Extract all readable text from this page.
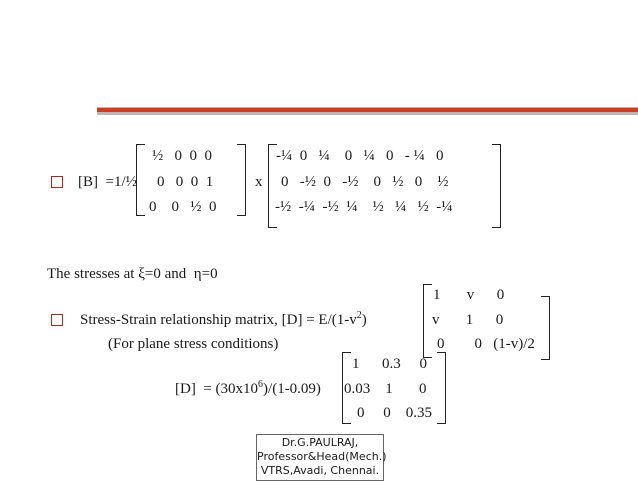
[B]  =1/½
½   0  0  0
0   0  0  1
0    0   ½  0
x
-¼  0   ¼    0   ¼   0   - ¼   0
0   -½  0   -½    0   ½   0    ½
-½  -¼  -½  ¼    ½   ¼   ½  -¼
The stresses at ξ=0 and  η=0
1       v      0
Stress-Strain relationship matrix, $[D] = E/(1-v^2)$	v       1      0
(For plane stress conditions)	0        0   (1-v)/2
1      0.3     0
$[D] = (30x10^6)/(1-0.09)$ 0.03    1       0
0     0    0.35
Dr.G.PAULRAJ,
Professor&Head(Mech.)
VTRS,Avadi, Chennai.
